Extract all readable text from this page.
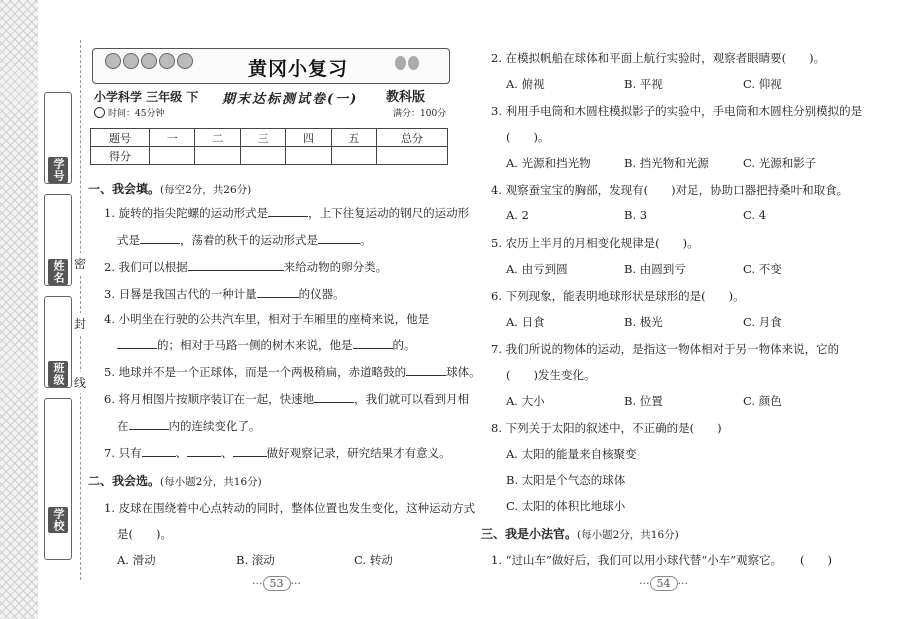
学号
姓名
班级
学校
密
封
线
黄冈小复习
小学科学 三年级 下 期末达标测试卷(一) 教科版
时间：45分钟	满分：100分
题号	一	二	三	四	五	总分
得分						
一、我会填。(每空2分，共26分)
1. 旋转的指尖陀螺的运动形式是	，上下往复运动的钢尺的运动形
式是	，荡着的秋千的运动形式是	。
2. 我们可以根据	来给动物的卵分类。
3. 日晷是我国古代的一种计量	的仪器。
4. 小明坐在行驶的公共汽车里，相对于车厢里的座椅来说，他是
的；相对于马路一侧的树木来说，他是	的。
5. 地球并不是一个正球体，而是一个两极稍扁，赤道略鼓的	球体。
6. 将月相图片按顺序装订在一起，快速地	，我们就可以看到月相
在	内的连续变化了。
7. 只有	、	、	做好观察记录，研究结果才有意义。
二、我会选。(每小题2分，共16分)
1. 皮球在围绕着中心点转动的同时，整体位置也发生变化，这种运动方式
是(　　)。
A. 滑动	B. 滚动	C. 转动
··· 53 ···
2. 在模拟帆船在球体和平面上航行实验时，观察者眼睛要(　　)。
A. 俯视	B. 平视	C. 仰视
3. 利用手电筒和木圆柱模拟影子的实验中，手电筒和木圆柱分别模拟的是
(　　)。
A. 光源和挡光物	B. 挡光物和光源	C. 光源和影子
4. 观察蚕宝宝的胸部，发现有(　　)对足，协助口器把持桑叶和取食。
A. 2	B. 3	C. 4
5. 农历上半月的月相变化规律是(　　)。
A. 由亏到圆	B. 由圆到亏	C. 不变
6. 下列现象，能表明地球形状是球形的是(　　)。
A. 日食	B. 极光	C. 月食
7. 我们所说的物体的运动，是指这一物体相对于另一物体来说，它的
(　　)发生变化。
A. 大小	B. 位置	C. 颜色
8. 下列关于太阳的叙述中，不正确的是(　　)
A. 太阳的能量来自核聚变
B. 太阳是个气态的球体
C. 太阳的体积比地球小
三、我是小法官。(每小题2分，共16分)
1. “过山车”做好后，我们可以用小球代替“小车”观察它。 (　　)
··· 54 ···
